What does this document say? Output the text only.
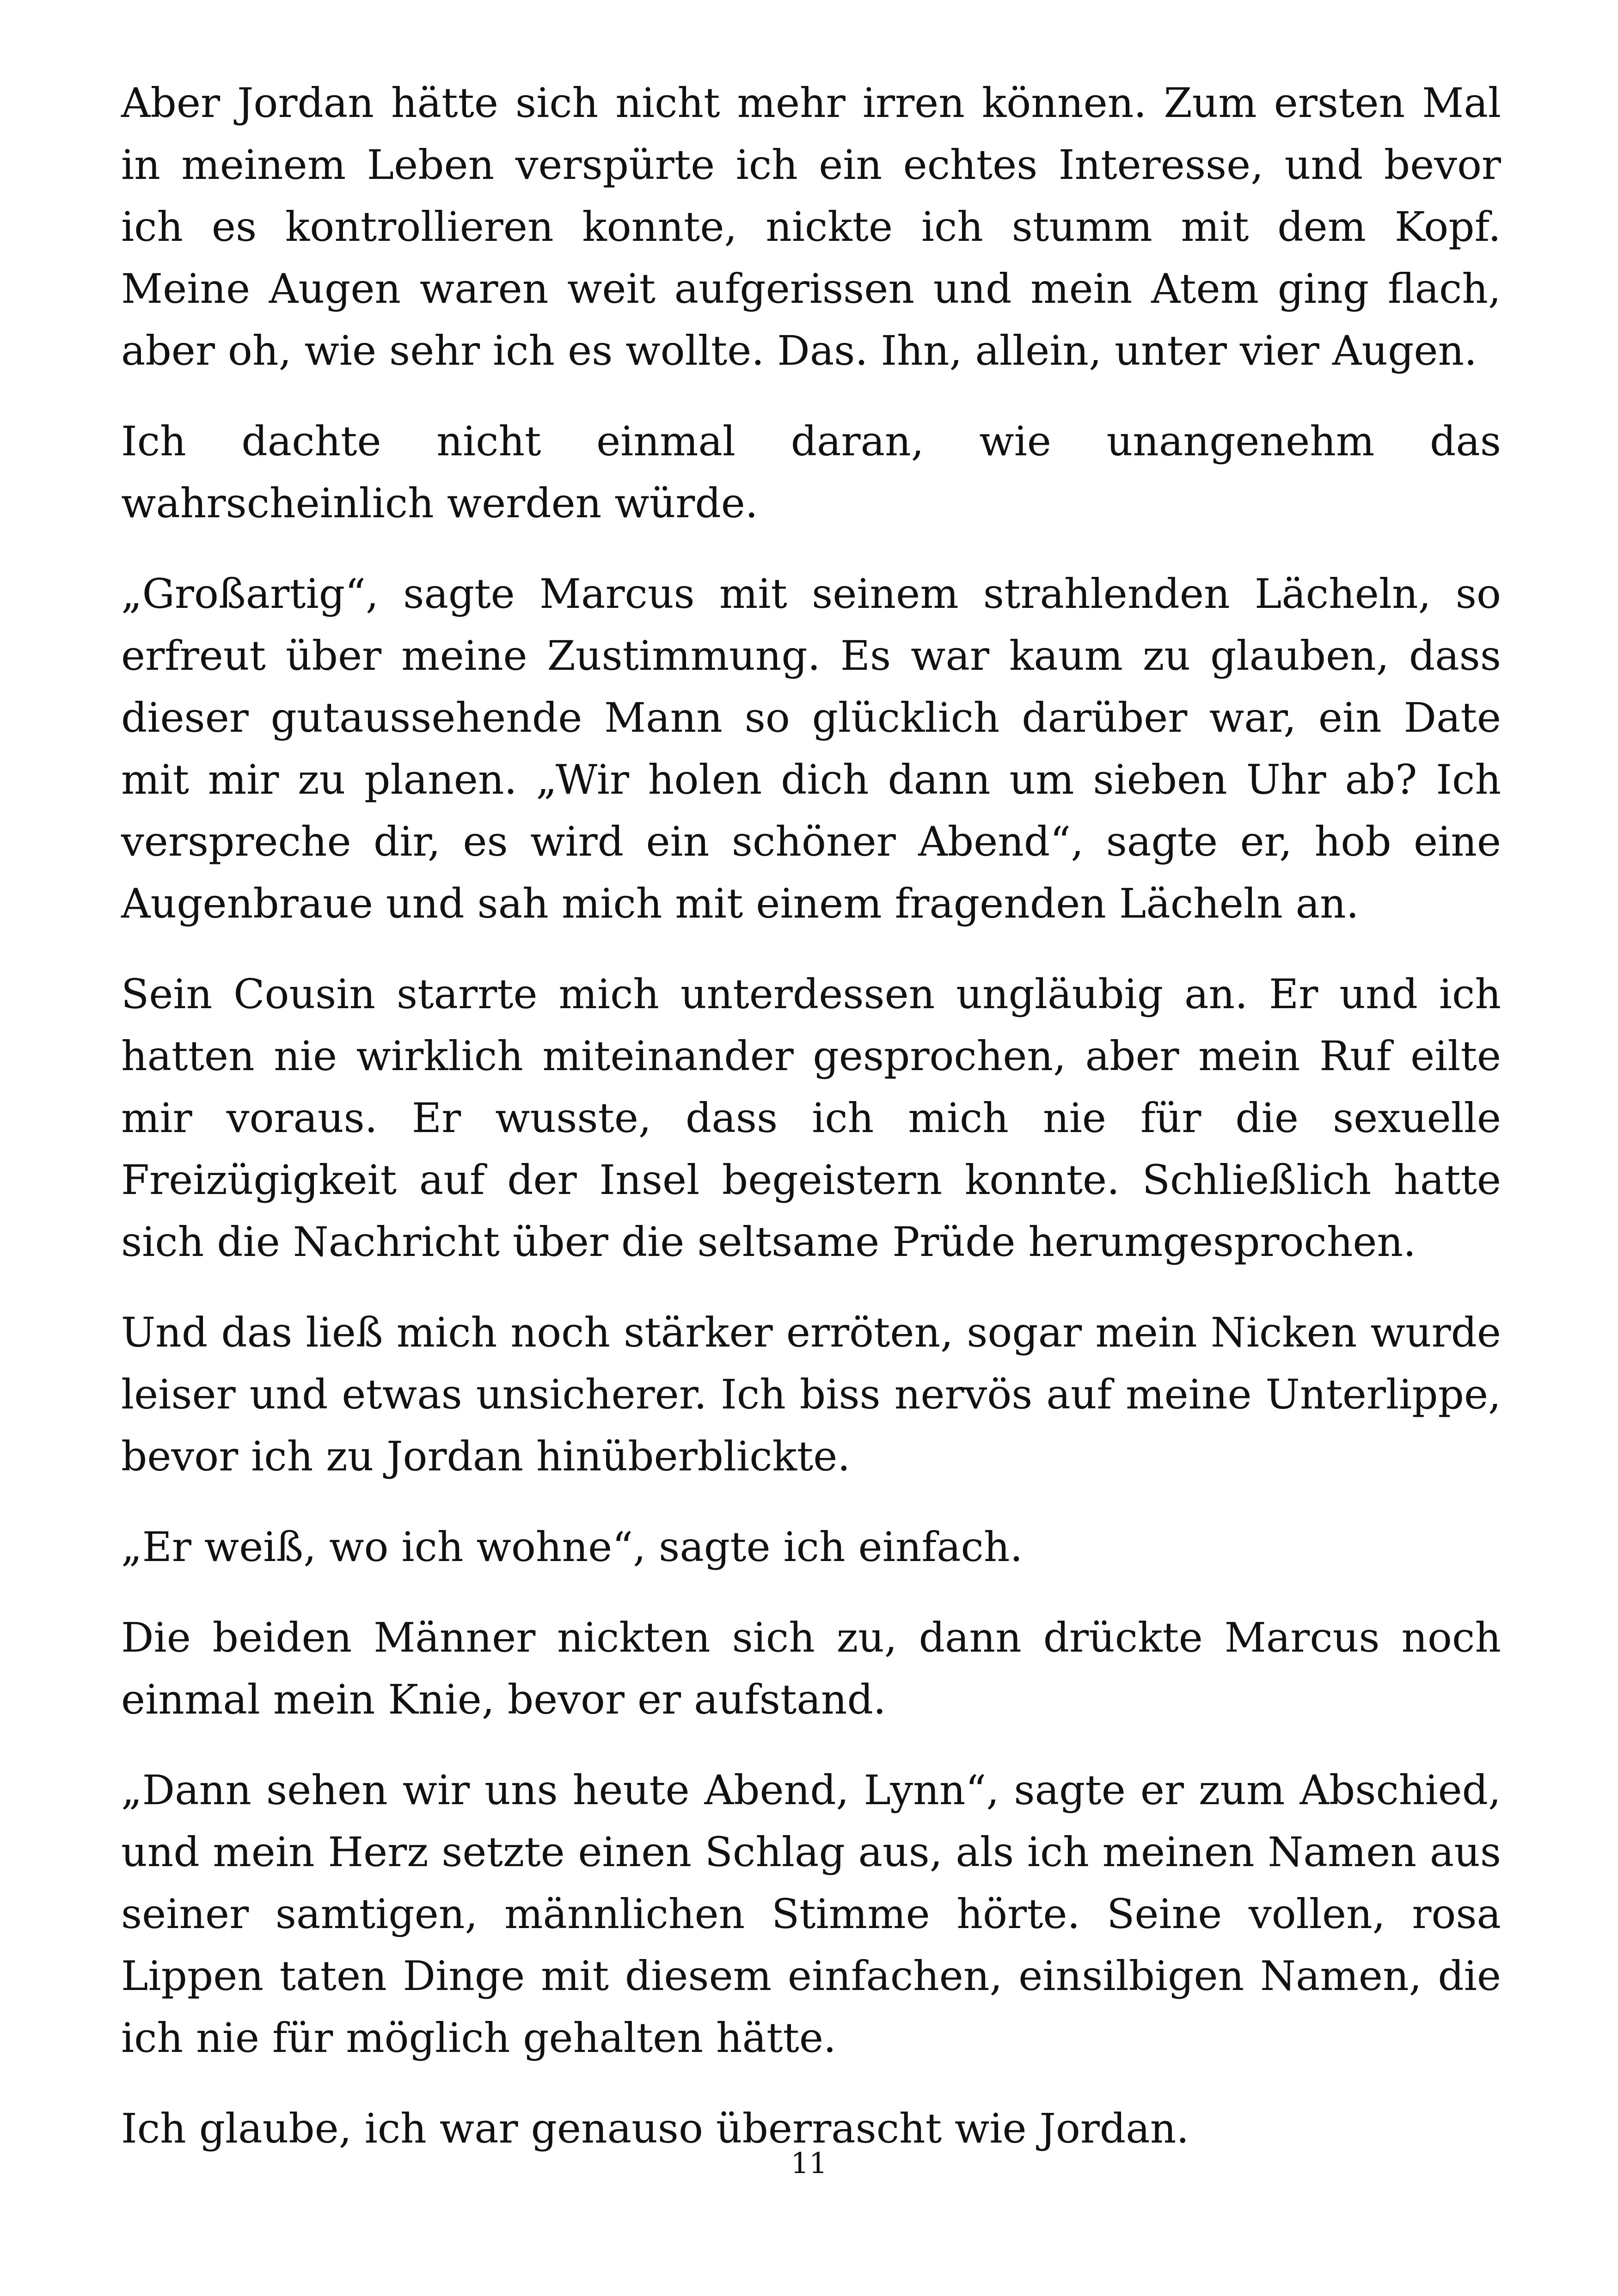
Aber Jordan hätte sich nicht mehr irren können. Zum ersten Mal in meinem Leben verspürte ich ein echtes Interesse, und bevor ich es kontrollieren konnte, nickte ich stumm mit dem Kopf. Meine Augen waren weit aufgerissen und mein Atem ging flach, aber oh, wie sehr ich es wollte. Das. Ihn, allein, unter vier Augen.

Ich dachte nicht einmal daran, wie unangenehm das wahrscheinlich werden würde.

„Großartig“, sagte Marcus mit seinem strahlenden Lächeln, so erfreut über meine Zustimmung. Es war kaum zu glauben, dass dieser gutaussehende Mann so glücklich darüber war, ein Date mit mir zu planen. „Wir holen dich dann um sieben Uhr ab? Ich verspreche dir, es wird ein schöner Abend“, sagte er, hob eine Augenbraue und sah mich mit einem fragenden Lächeln an.

Sein Cousin starrte mich unterdessen ungläubig an. Er und ich hatten nie wirklich miteinander gesprochen, aber mein Ruf eilte mir voraus. Er wusste, dass ich mich nie für die sexuelle Freizügigkeit auf der Insel begeistern konnte. Schließlich hatte sich die Nachricht über die seltsame Prüde herumgesprochen.

Und das ließ mich noch stärker erröten, sogar mein Nicken wurde leiser und etwas unsicherer. Ich biss nervös auf meine Unterlippe, bevor ich zu Jordan hinüberblickte.

„Er weiß, wo ich wohne“, sagte ich einfach.

Die beiden Männer nickten sich zu, dann drückte Marcus noch einmal mein Knie, bevor er aufstand.

„Dann sehen wir uns heute Abend, Lynn“, sagte er zum Abschied, und mein Herz setzte einen Schlag aus, als ich meinen Namen aus seiner samtigen, männlichen Stimme hörte. Seine vollen, rosa Lippen taten Dinge mit diesem einfachen, einsilbigen Namen, die ich nie für möglich gehalten hätte.

Ich glaube, ich war genauso überrascht wie Jordan.

11
